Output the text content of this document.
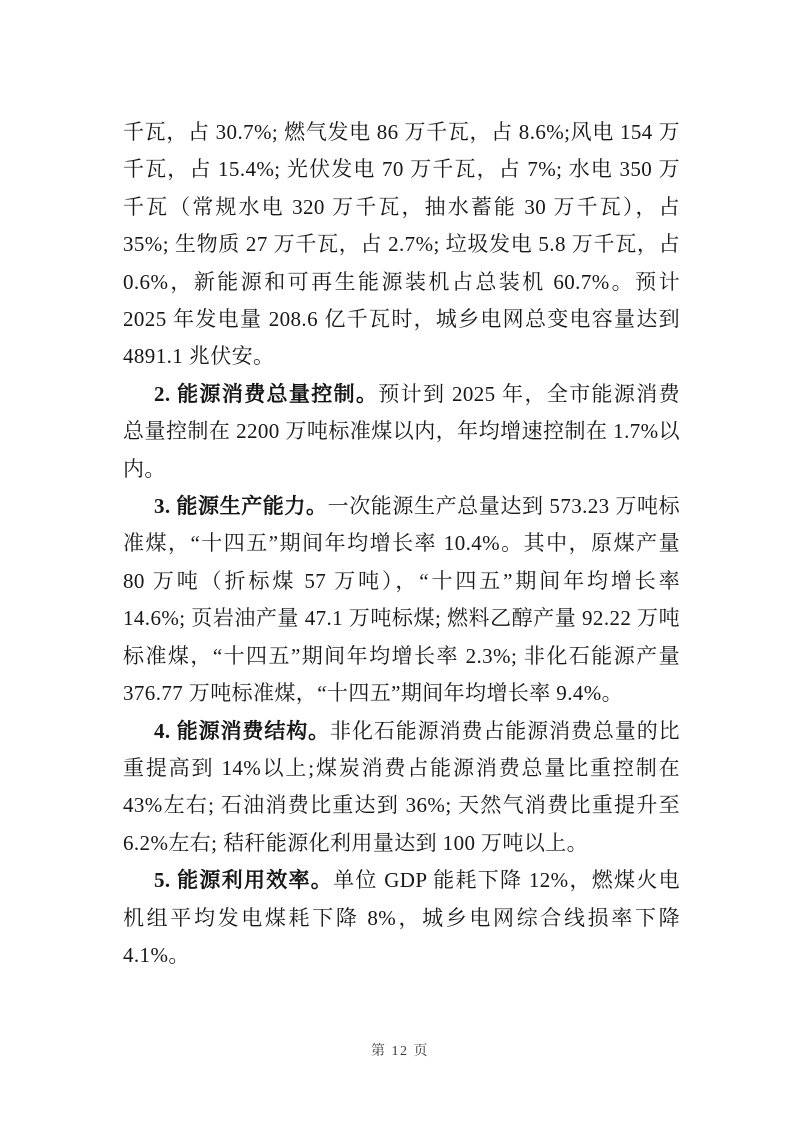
千瓦，占 30.7%; 燃气发电 86 万千瓦，占 8.6%;风电 154 万千瓦，占 15.4%; 光伏发电 70 万千瓦，占 7%; 水电 350 万千瓦（常规水电 320 万千瓦，抽水蓄能 30 万千瓦），占 35%; 生物质 27 万千瓦，占 2.7%; 垃圾发电 5.8 万千瓦，占 0.6%，新能源和可再生能源装机占总装机 60.7%。预计 2025 年发电量 208.6 亿千瓦时，城乡电网总变电容量达到 4891.1 兆伏安。
2. 能源消费总量控制。预计到 2025 年，全市能源消费总量控制在 2200 万吨标准煤以内，年均增速控制在 1.7%以内。
3. 能源生产能力。一次能源生产总量达到 573.23 万吨标准煤，“十四五”期间年均增长率 10.4%。其中，原煤产量 80 万吨（折标煤 57 万吨），“十四五”期间年均增长率 14.6%; 页岩油产量 47.1 万吨标煤; 燃料乙醇产量 92.22 万吨标准煤，“十四五”期间年均增长率 2.3%; 非化石能源产量 376.77 万吨标准煤，“十四五”期间年均增长率 9.4%。
4. 能源消费结构。非化石能源消费占能源消费总量的比重提高到 14%以上;煤炭消费占能源消费总量比重控制在 43%左右; 石油消费比重达到 36%; 天然气消费比重提升至 6.2%左右; 秸秆能源化利用量达到 100 万吨以上。
5. 能源利用效率。单位 GDP 能耗下降 12%，燃煤火电机组平均发电煤耗下降 8%，城乡电网综合线损率下降 4.1%。
第 12 页
